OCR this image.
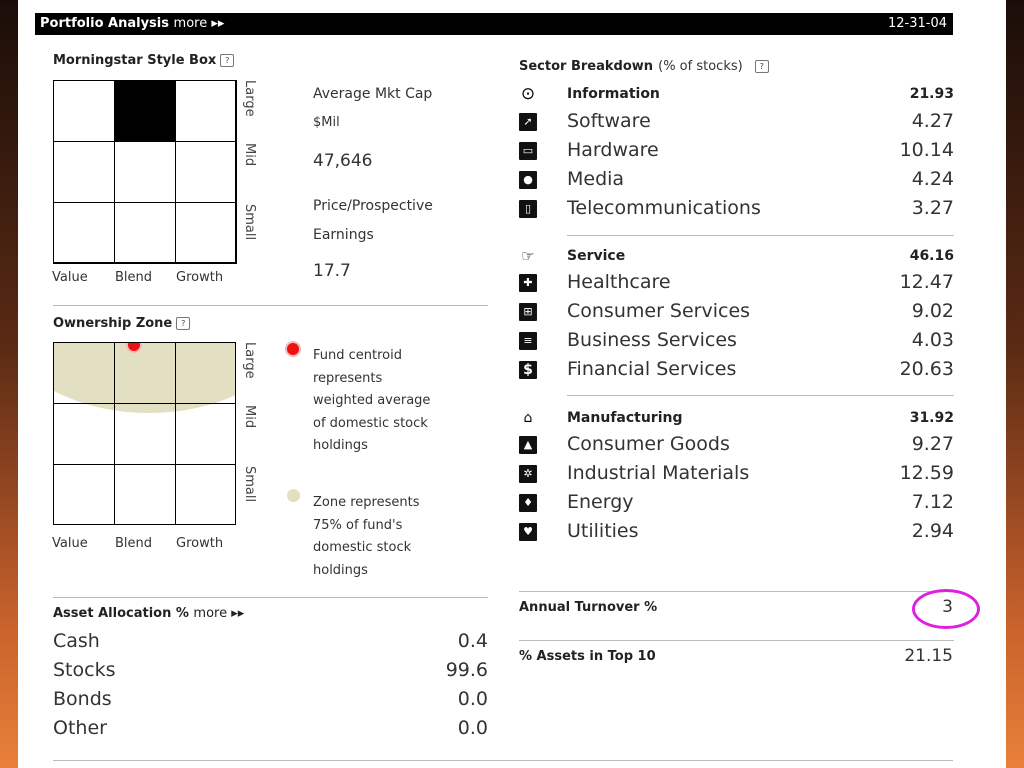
Portfolio Analysis more ▸▸	12-31-04
Morningstar Style Box ?
Large
Mid
Small
Value Blend Growth
Average Mkt Cap
$Mil
47,646
Price/Prospective
Earnings
17.7
Ownership Zone ?
Large
Mid
Small
Value Blend Growth
Fund centroid
represents
weighted average
of domestic stock
holdings
Zone represents
75% of fund's
domestic stock
holdings
Asset Allocation % more ▸▸
Cash	0.4
Stocks	99.6
Bonds	0.0
Other	0.0
Sector Breakdown (% of stocks) ?
⊙ Information	21.93
➚ Software	4.27
▭ Hardware	10.14
● Media	4.24
▯	Telecommunications	3.27
☞ Service	46.16
✚ Healthcare	12.47
⊞ Consumer Services	9.02
≡ Business Services	4.03
$ Financial Services	20.63
⌂	Manufacturing	31.92
▲ Consumer Goods	9.27
✲ Industrial Materials	12.59
♦ Energy	7.12
♥ Utilities	2.94
Annual Turnover %	3
% Assets in Top 10	21.15
